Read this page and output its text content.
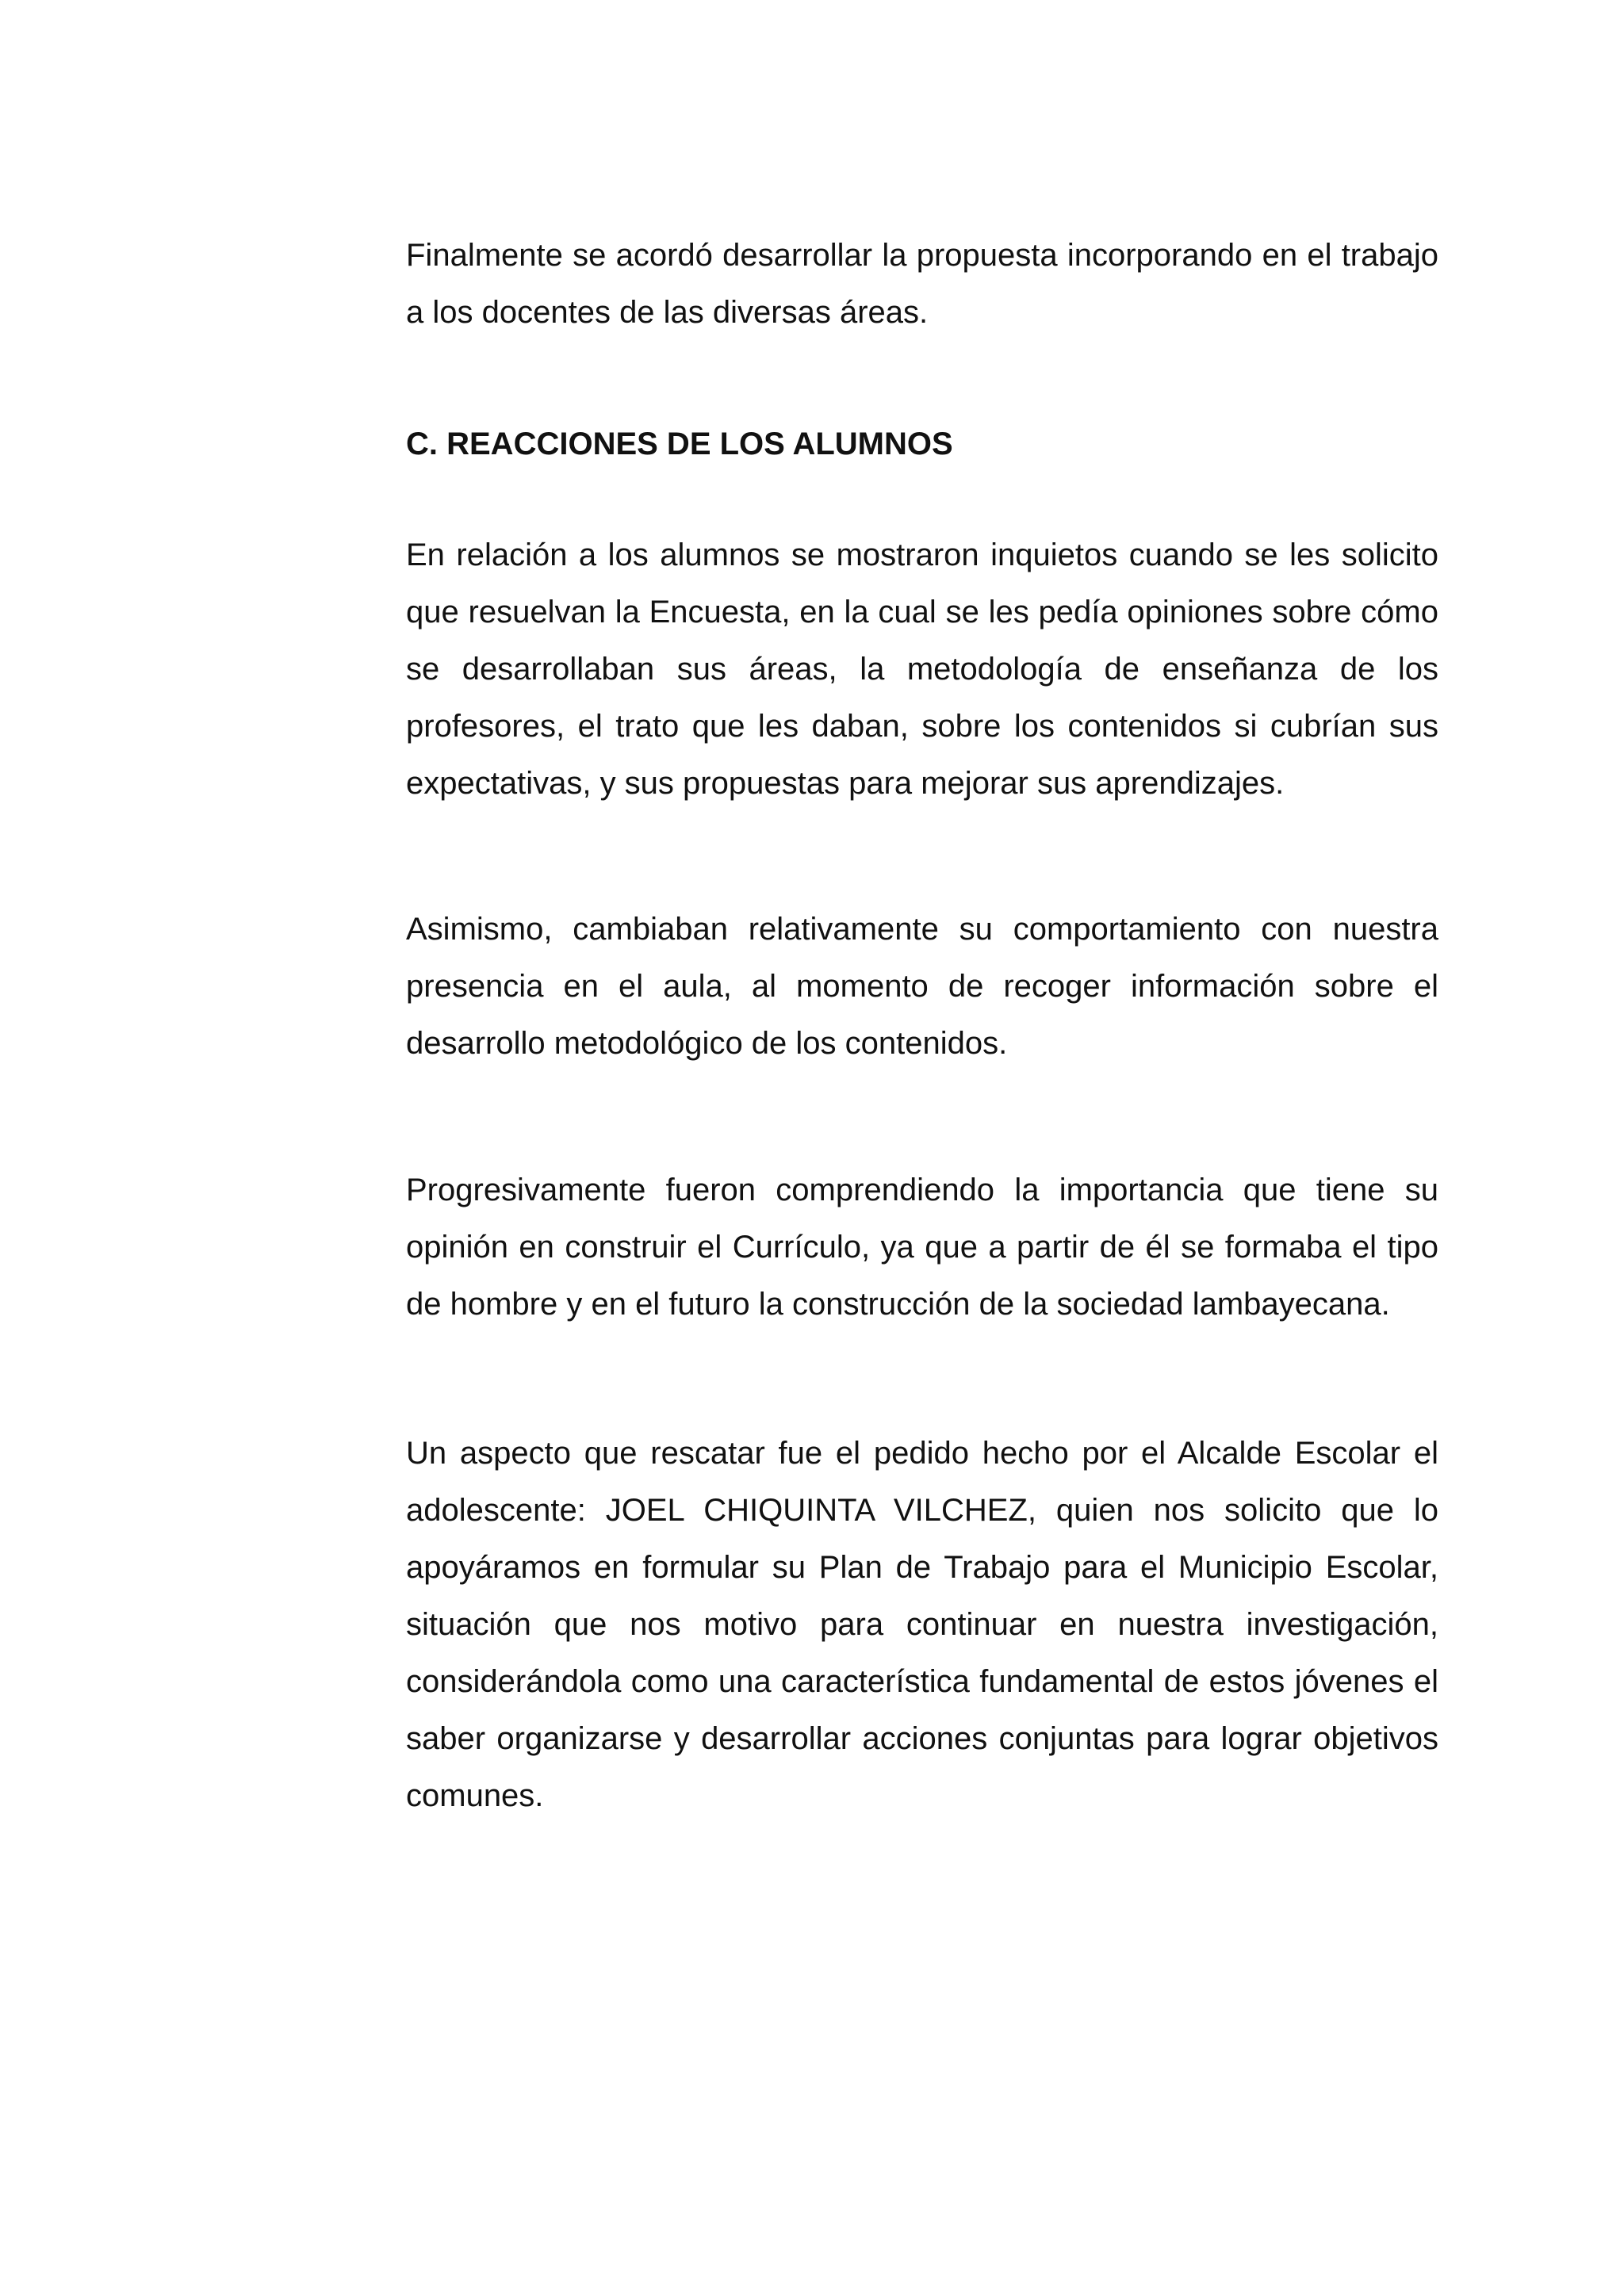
Finalmente se acordó desarrollar la propuesta incorporando en el trabajo a los docentes de las diversas áreas.

C. REACCIONES DE LOS ALUMNOS

En relación a los alumnos se mostraron inquietos cuando se les solicito que resuelvan la Encuesta, en la cual se les pedía opiniones sobre cómo se desarrollaban sus áreas, la metodología de enseñanza de los profesores, el trato que les daban, sobre los contenidos si cubrían sus expectativas, y sus propuestas para mejorar sus aprendizajes.

Asimismo, cambiaban relativamente su comportamiento con nuestra presencia en el aula, al momento de recoger información sobre el desarrollo metodológico de los contenidos.

Progresivamente fueron comprendiendo la importancia que tiene su opinión en construir el Currículo, ya que a partir de él se formaba el tipo de hombre y en el futuro la construcción de la sociedad lambayecana.

Un aspecto que rescatar fue el pedido hecho por el Alcalde Escolar el adolescente: JOEL CHIQUINTA VILCHEZ, quien nos solicito que lo apoyáramos en formular su Plan de Trabajo para el Municipio Escolar, situación que nos motivo para continuar en nuestra investigación, considerándola como una característica fundamental de estos jóvenes el saber organizarse y desarrollar acciones conjuntas para lograr objetivos comunes.
